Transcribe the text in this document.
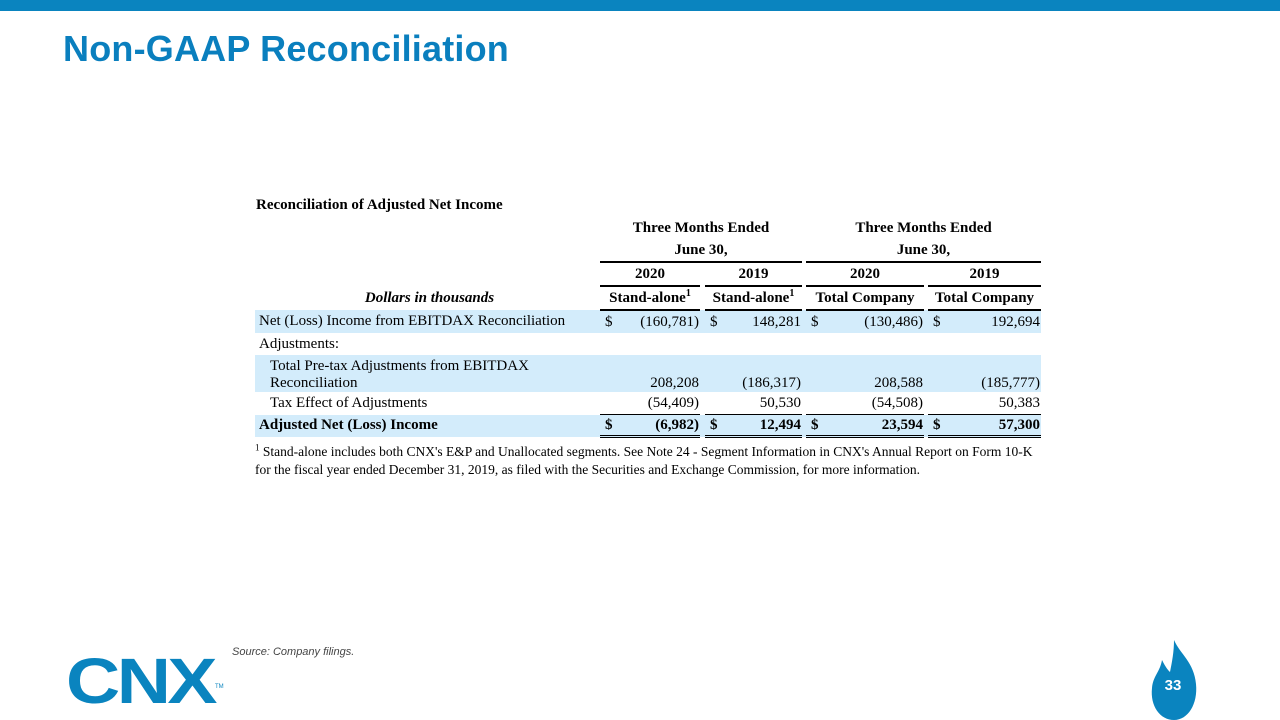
Non-GAAP Reconciliation
Reconciliation of Adjusted Net Income
	Three Months Ended						Three Months Ended				
	June 30,						June 30,				
	2020			2019			2020			2019	
Dollars in thousands	Stand-alone$^1$			Stand-alone$^1$			Total Company			Total Company	
Net (Loss) Income from EBITDAX Reconciliation	$	(160,781)		$	148,281		$	(130,486)		$	192,694
Adjustments:											
Total Pre-tax Adjustments from EBITDAX
Reconciliation		208,208			(186,317)			208,588			(185,777)
Tax Effect of Adjustments		(54,409)			50,530			(54,508)			50,383
Adjusted Net (Loss) Income	$	(6,982)		$	12,494		$	23,594		$	57,300
$^1$ Stand-alone includes both CNX's E&P and Unallocated segments. See Note 24 - Segment Information in CNX's Annual Report on Form 10-K for the fiscal year ended December 31, 2019, as filed with the Securities and Exchange Commission, for more information.
Source: Company filings.
CNX
TM	33
